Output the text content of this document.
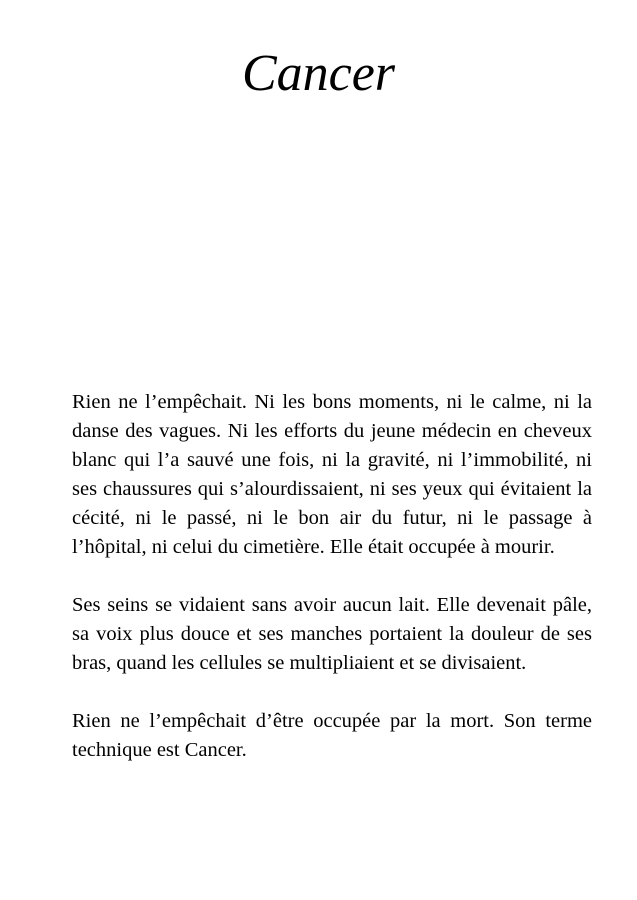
Cancer

Rien ne l’empêchait. Ni les bons moments, ni le calme, ni la danse des vagues. Ni les efforts du jeune médecin en cheveux blanc qui l’a sauvé une fois, ni la gravité, ni l’immobilité, ni ses chaussures qui s’alourdissaient, ni ses yeux qui évitaient la cécité, ni le passé, ni le bon air du futur, ni le passage à l’hôpital, ni celui du cimetière. Elle était occupée à mourir.

Ses seins se vidaient sans avoir aucun lait. Elle devenait pâle, sa voix plus douce et ses manches portaient la douleur de ses bras, quand les cellules se multipliaient et se divisaient.

Rien ne l’empêchait d’être occupée par la mort. Son terme technique est Cancer.
